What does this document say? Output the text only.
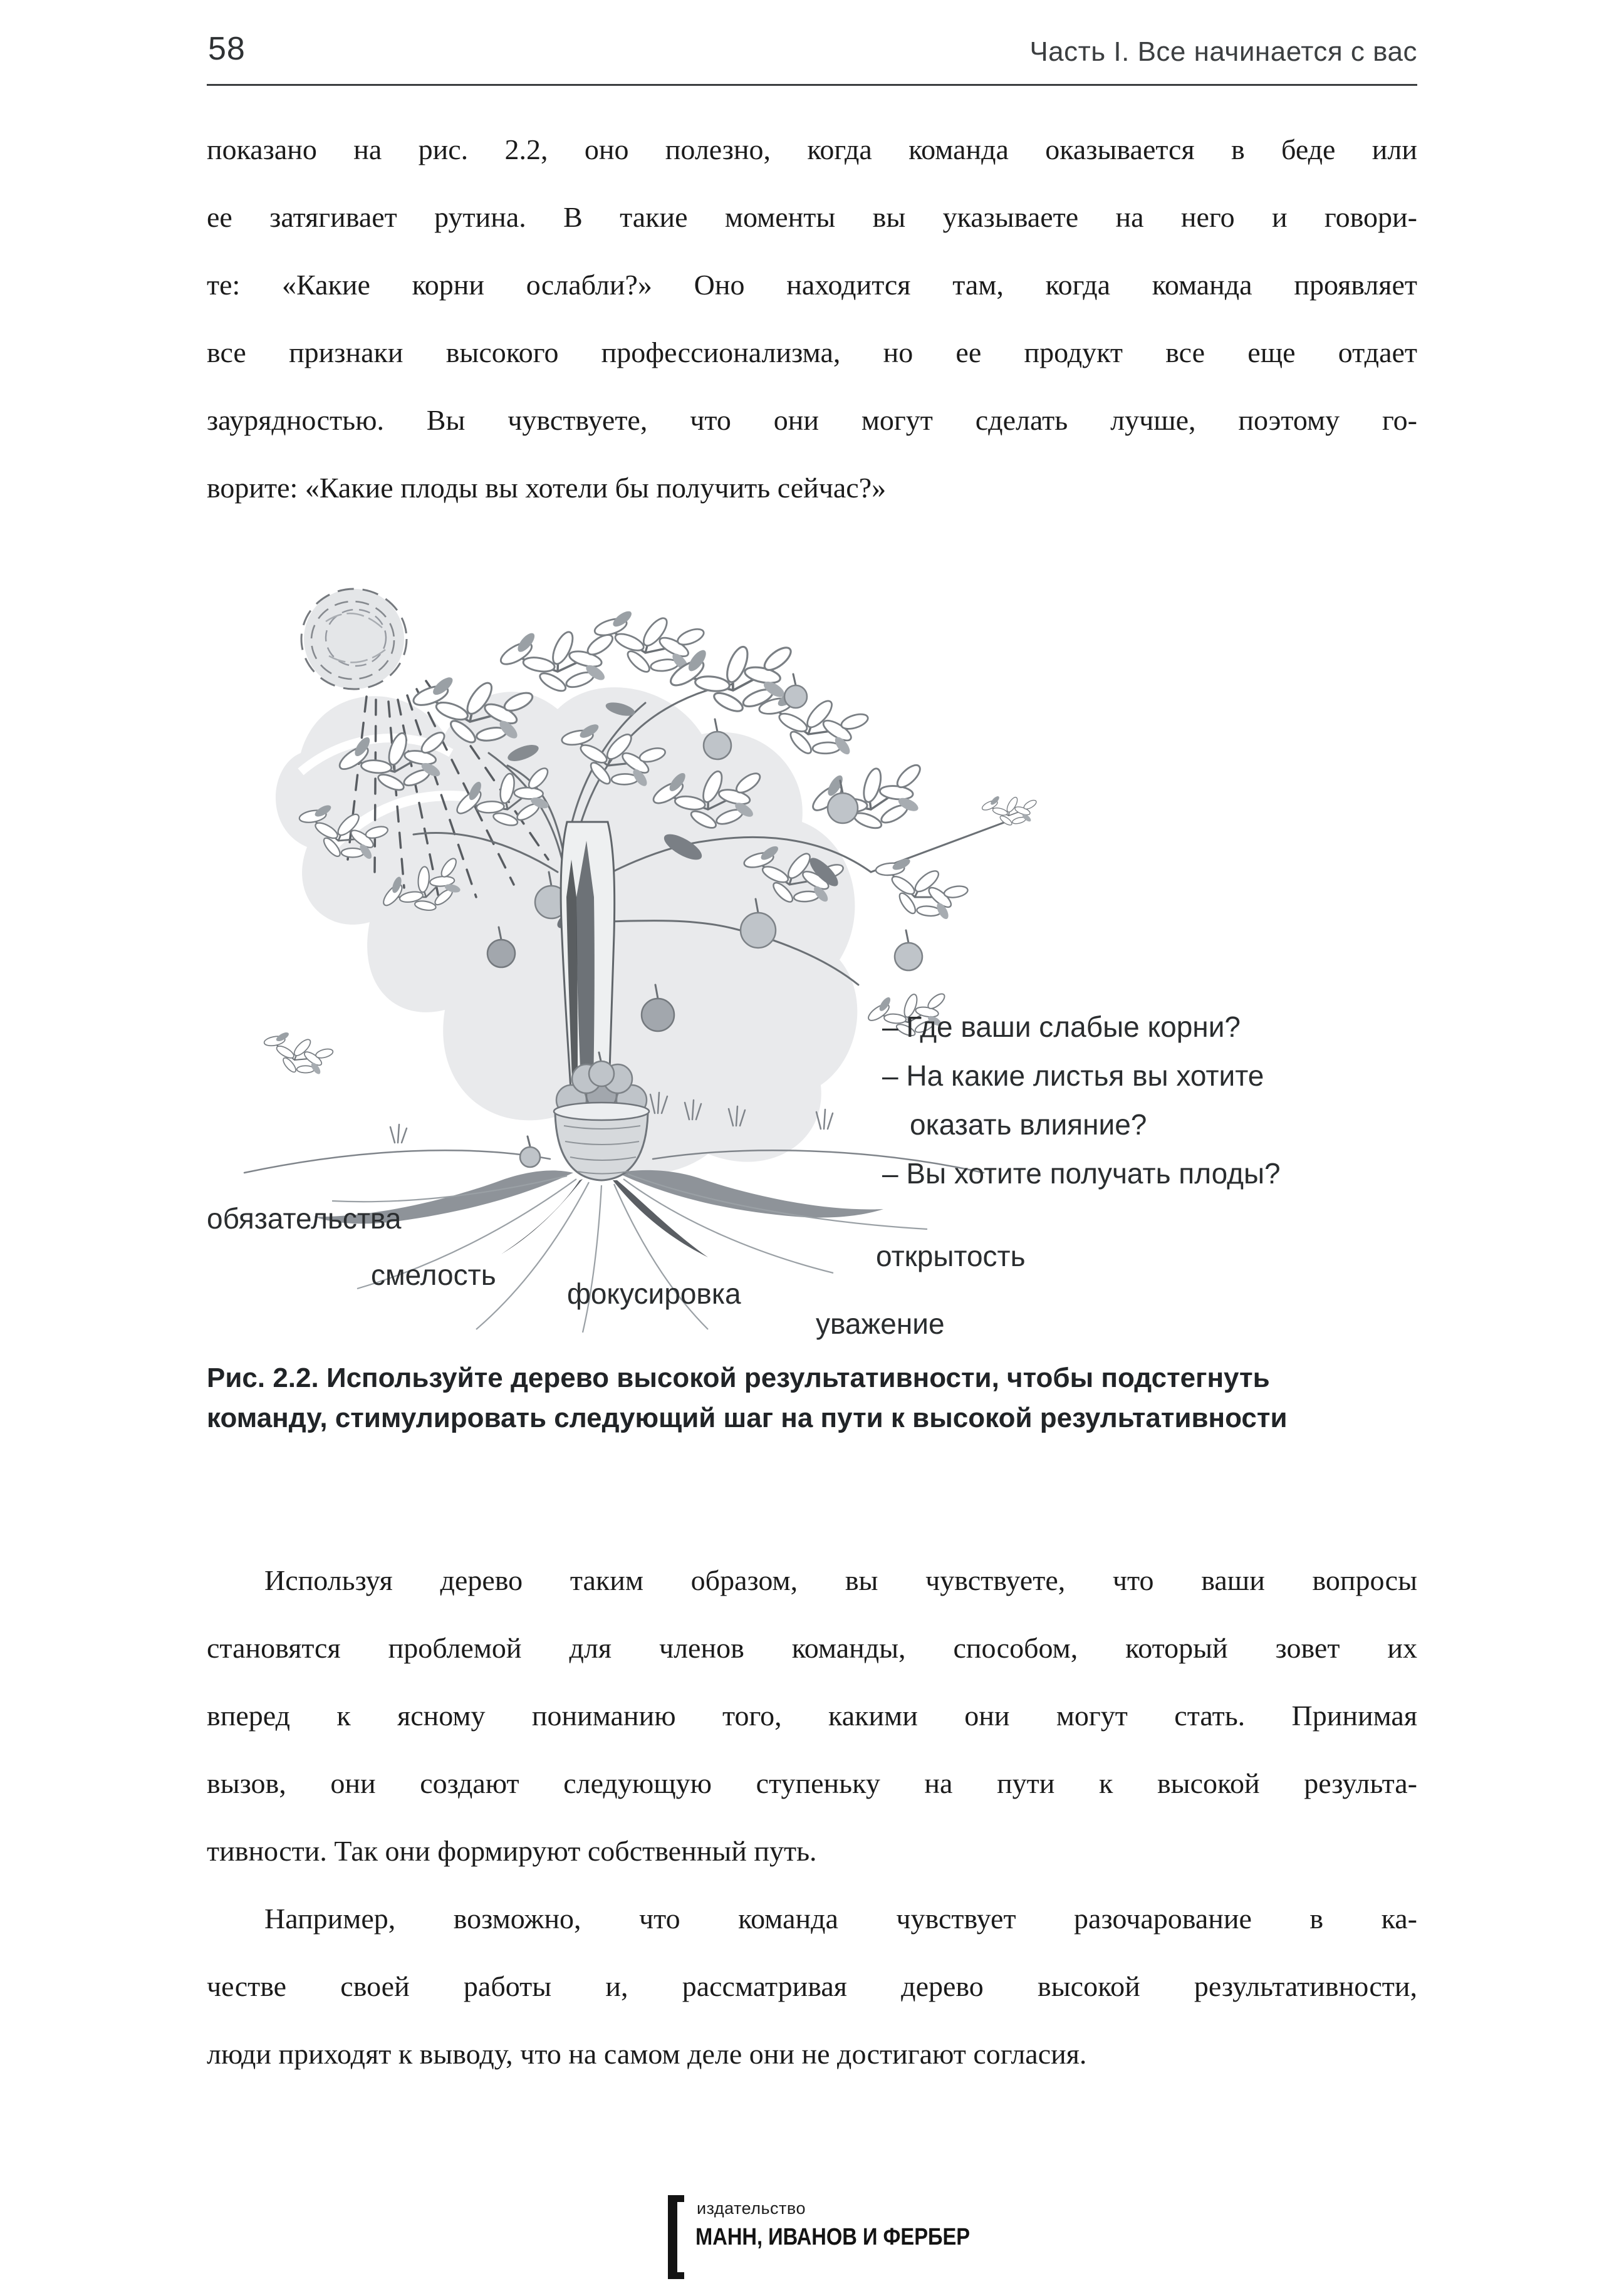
58	Часть I. Все начинается с вас
показано на рис. 2.2, оно полезно, когда команда оказывается в беде или
ее затягивает рутина. В такие моменты вы указываете на него и говори-
те: «Какие корни ослабли?» Оно находится там, когда команда проявляет
все признаки высокого профессионализма, но ее продукт все еще отдает
заурядностью. Вы чувствуете, что они могут сделать лучше, поэтому го-
ворите: «Какие плоды вы хотели бы получить сейчас?»
– Где ваши слабые корни?
– На какие листья вы хотите оказать влияние?
– Вы хотите получать плоды?
обязательства
смелость
фокусировка
открытость
уважение
Рис. 2.2. Используйте дерево высокой результативности, чтобы подстегнуть
команду, стимулировать следующий шаг на пути к высокой результативности
Используя дерево таким образом, вы чувствуете, что ваши вопросы
становятся проблемой для членов команды, способом, который зовет их
вперед к ясному пониманию того, какими они могут стать. Принимая
вызов, они создают следующую ступеньку на пути к высокой результа-
тивности. Так они формируют собственный путь.
Например, возможно, что команда чувствует разочарование в ка-
честве своей работы и, рассматривая дерево высокой результативности,
люди приходят к выводу, что на самом деле они не достигают согласия.
издательство
МАНН, ИВАНОВ И ФЕРБЕР
